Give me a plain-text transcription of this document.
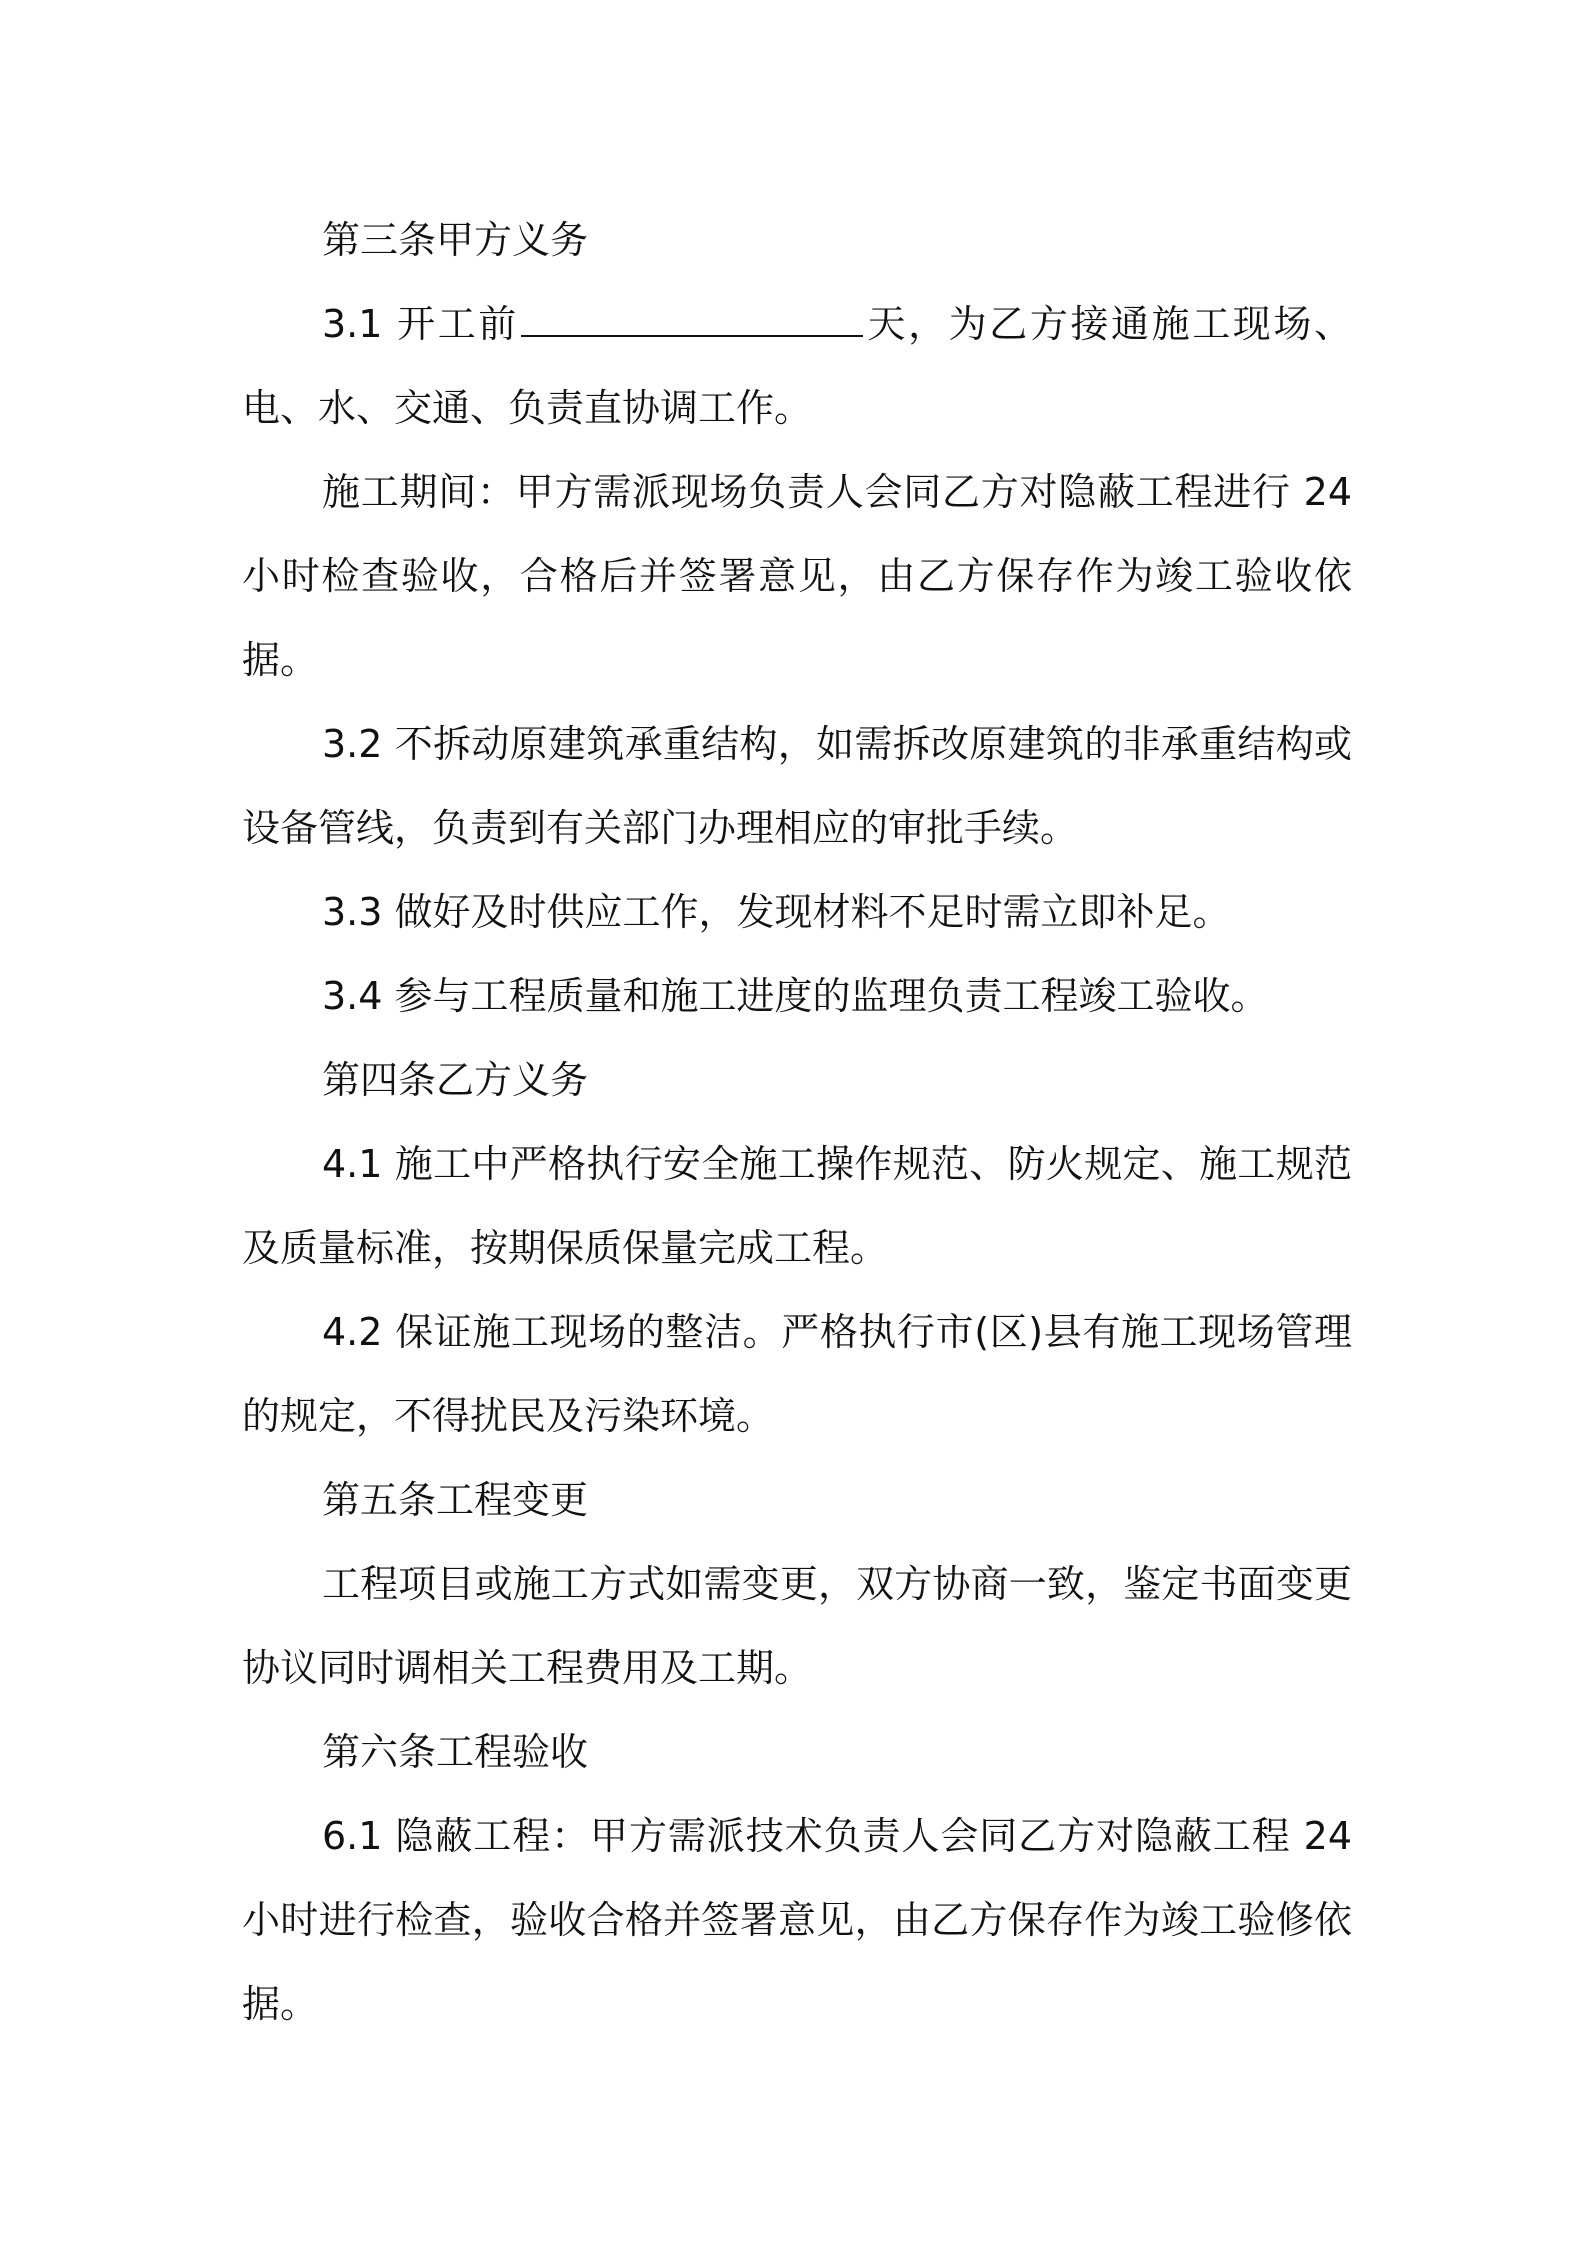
第三条甲方义务

3.1 开工前	天，为乙方接通施工现场、电、水、交通、负责直协调工作。

施工期间：甲方需派现场负责人会同乙方对隐蔽工程进行 24 小时检查验收，合格后并签署意见，由乙方保存作为竣工验收依据。

3.2 不拆动原建筑承重结构，如需拆改原建筑的非承重结构或设备管线，负责到有关部门办理相应的审批手续。

3.3 做好及时供应工作，发现材料不足时需立即补足。

3.4 参与工程质量和施工进度的监理负责工程竣工验收。

第四条乙方义务

4.1 施工中严格执行安全施工操作规范、防火规定、施工规范及质量标准，按期保质保量完成工程。

4.2 保证施工现场的整洁。严格执行市(区)县有施工现场管理的规定，不得扰民及污染环境。

第五条工程变更

工程项目或施工方式如需变更，双方协商一致，鉴定书面变更协议同时调相关工程费用及工期。

第六条工程验收

6.1 隐蔽工程：甲方需派技术负责人会同乙方对隐蔽工程 24 小时进行检查，验收合格并签署意见，由乙方保存作为竣工验修依据。
